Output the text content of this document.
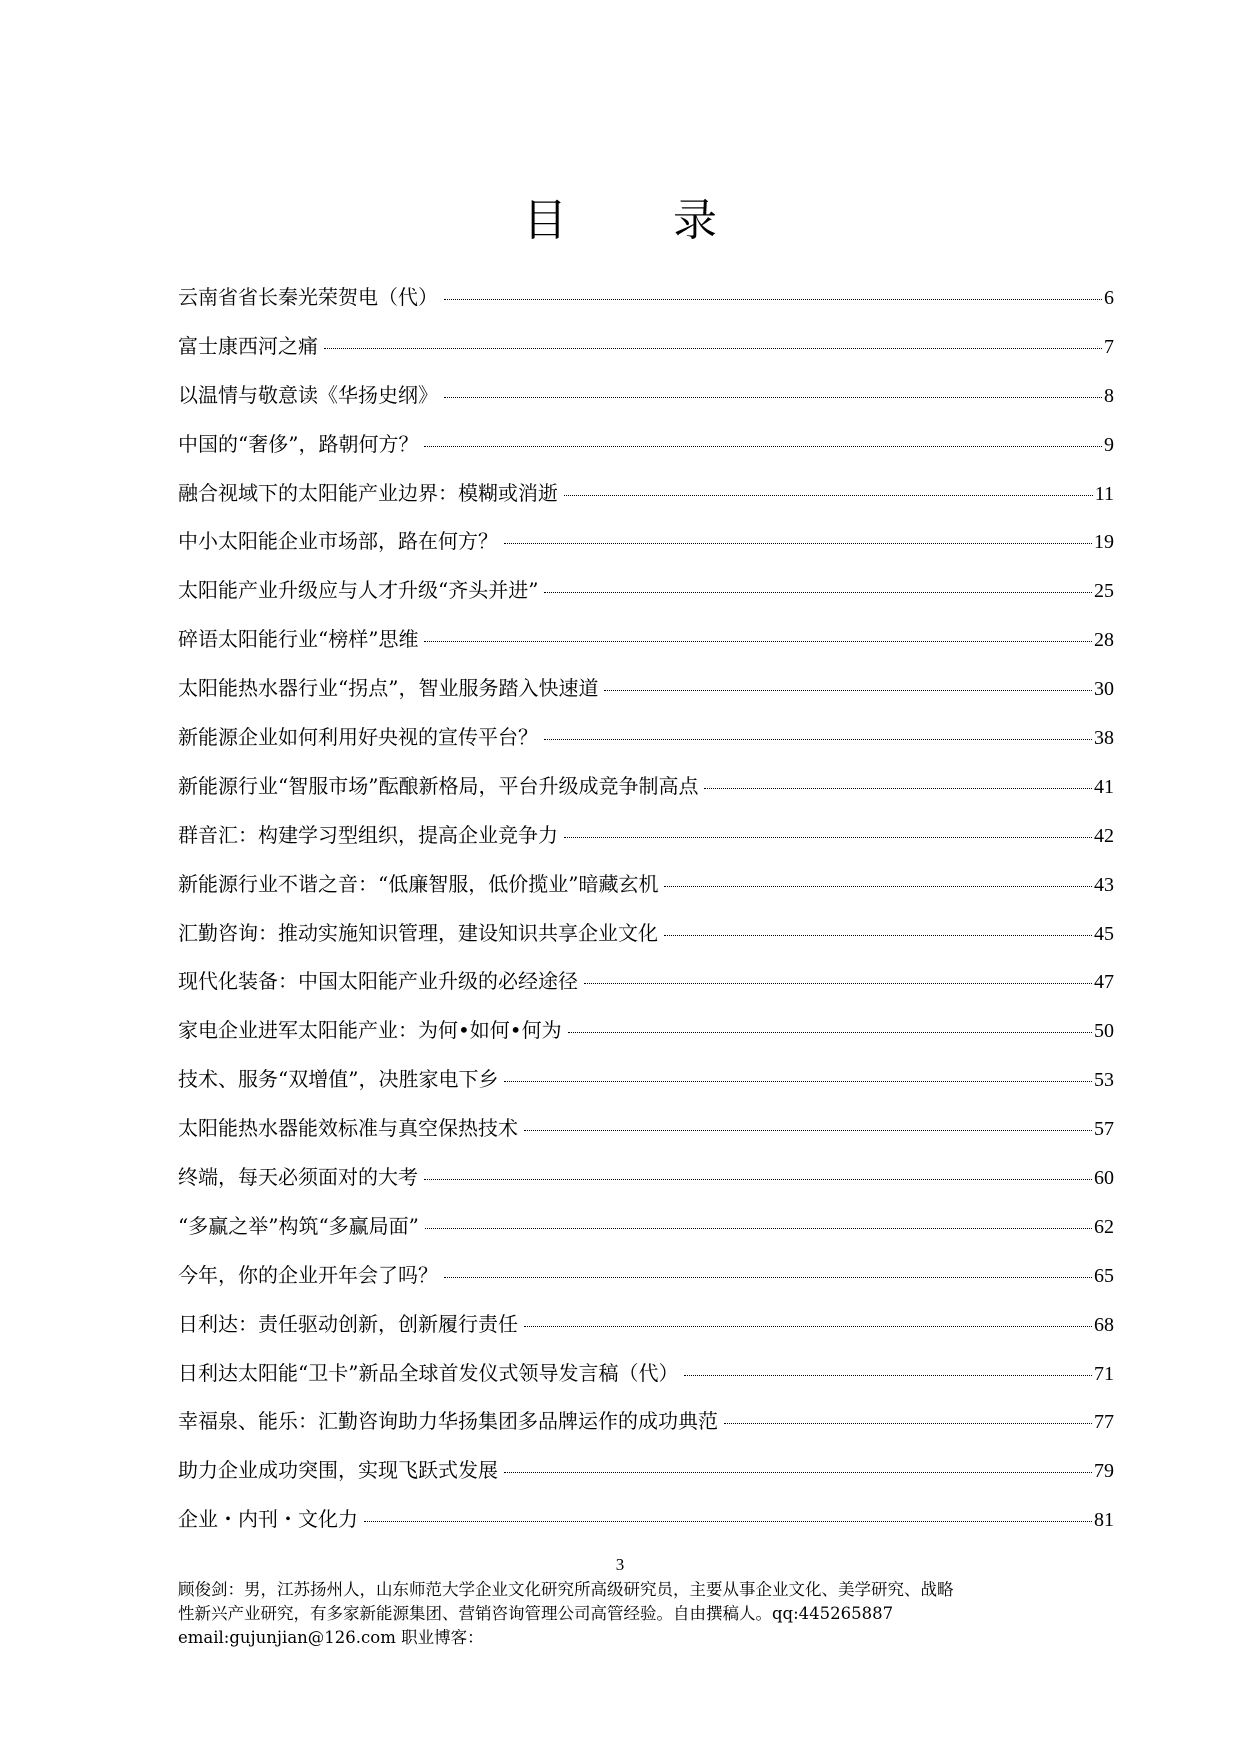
目 录
云南省省长秦光荣贺电（代）	6
富士康西河之痛	7
以温情与敬意读《华扬史纲》	8
中国的“奢侈”，路朝何方？	9
融合视域下的太阳能产业边界：模糊或消逝	11
中小太阳能企业市场部，路在何方？	19
太阳能产业升级应与人才升级“齐头并进”	25
碎语太阳能行业“榜样”思维	28
太阳能热水器行业“拐点”，智业服务踏入快速道	30
新能源企业如何利用好央视的宣传平台？	38
新能源行业“智服市场”酝酿新格局，平台升级成竞争制高点	41
群音汇：构建学习型组织，提高企业竞争力	42
新能源行业不谐之音：“低廉智服，低价揽业”暗藏玄机	43
汇勤咨询：推动实施知识管理，建设知识共享企业文化	45
现代化装备：中国太阳能产业升级的必经途径	47
家电企业进军太阳能产业：为何•如何•何为	50
技术、服务“双增值”，决胜家电下乡	53
太阳能热水器能效标准与真空保热技术	57
终端，每天必须面对的大考	60
“多赢之举”构筑“多赢局面”	62
今年，你的企业开年会了吗？	65
日利达：责任驱动创新，创新履行责任	68
日利达太阳能“卫卡”新品全球首发仪式领导发言稿（代）	71
幸福泉、能乐：汇勤咨询助力华扬集团多品牌运作的成功典范	77
助力企业成功突围，实现飞跃式发展	79
企业・内刊・文化力	81
3

顾俊剑：男，江苏扬州人，山东师范大学企业文化研究所高级研究员，主要从事企业文化、美学研究、战略

性新兴产业研究，有多家新能源集团、营销咨询管理公司高管经验。自由撰稿人。qq:445265887

email:gujunjian@126.com 职业博客：
